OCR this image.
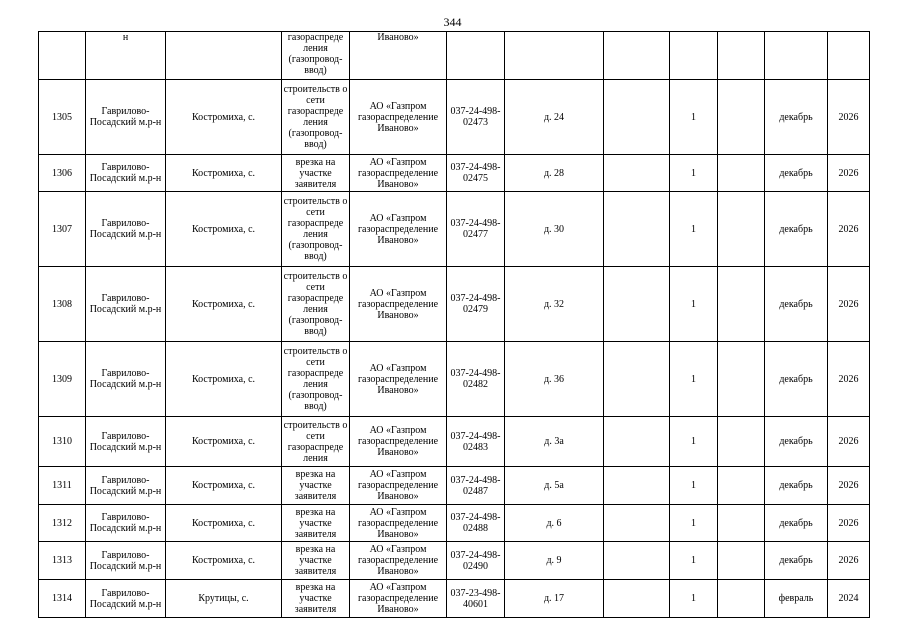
344
	н		газораспреде ления (газопровод- ввод)	Иваново»							
1305	Гаврилово-Посадский м.р-н	Костромиха, с.	строительств о сети газораспреде ления (газопровод- ввод)	АО «Газпром газораспределение Иваново»	037-24-498-02473	д. 24		1		декабрь	2026
1306	Гаврилово-Посадский м.р-н	Костромиха, с.	врезка на участке заявителя	АО «Газпром газораспределение Иваново»	037-24-498-02475	д. 28		1		декабрь	2026
1307	Гаврилово-Посадский м.р-н	Костромиха, с.	строительств о сети газораспреде ления (газопровод- ввод)	АО «Газпром газораспределение Иваново»	037-24-498-02477	д. 30		1		декабрь	2026
1308	Гаврилово-Посадский м.р-н	Костромиха, с.	строительств о сети газораспреде ления (газопровод- ввод)	АО «Газпром газораспределение Иваново»	037-24-498-02479	д. 32		1		декабрь	2026
1309	Гаврилово-Посадский м.р-н	Костромиха, с.	строительств о сети газораспреде ления (газопровод- ввод)	АО «Газпром газораспределение Иваново»	037-24-498-02482	д. 36		1		декабрь	2026
1310	Гаврилово-Посадский м.р-н	Костромиха, с.	строительств о сети газораспреде ления	АО «Газпром газораспределение Иваново»	037-24-498-02483	д. 3а		1		декабрь	2026
1311	Гаврилово-Посадский м.р-н	Костромиха, с.	врезка на участке заявителя	АО «Газпром газораспределение Иваново»	037-24-498-02487	д. 5а		1		декабрь	2026
1312	Гаврилово-Посадский м.р-н	Костромиха, с.	врезка на участке заявителя	АО «Газпром газораспределение Иваново»	037-24-498-02488	д. 6		1		декабрь	2026
1313	Гаврилово-Посадский м.р-н	Костромиха, с.	врезка на участке заявителя	АО «Газпром газораспределение Иваново»	037-24-498-02490	д. 9		1		декабрь	2026
1314	Гаврилово-Посадский м.р-н	Крутицы, с.	врезка на участке заявителя	АО «Газпром газораспределение Иваново»	037-23-498-40601	д. 17		1		февраль	2024
